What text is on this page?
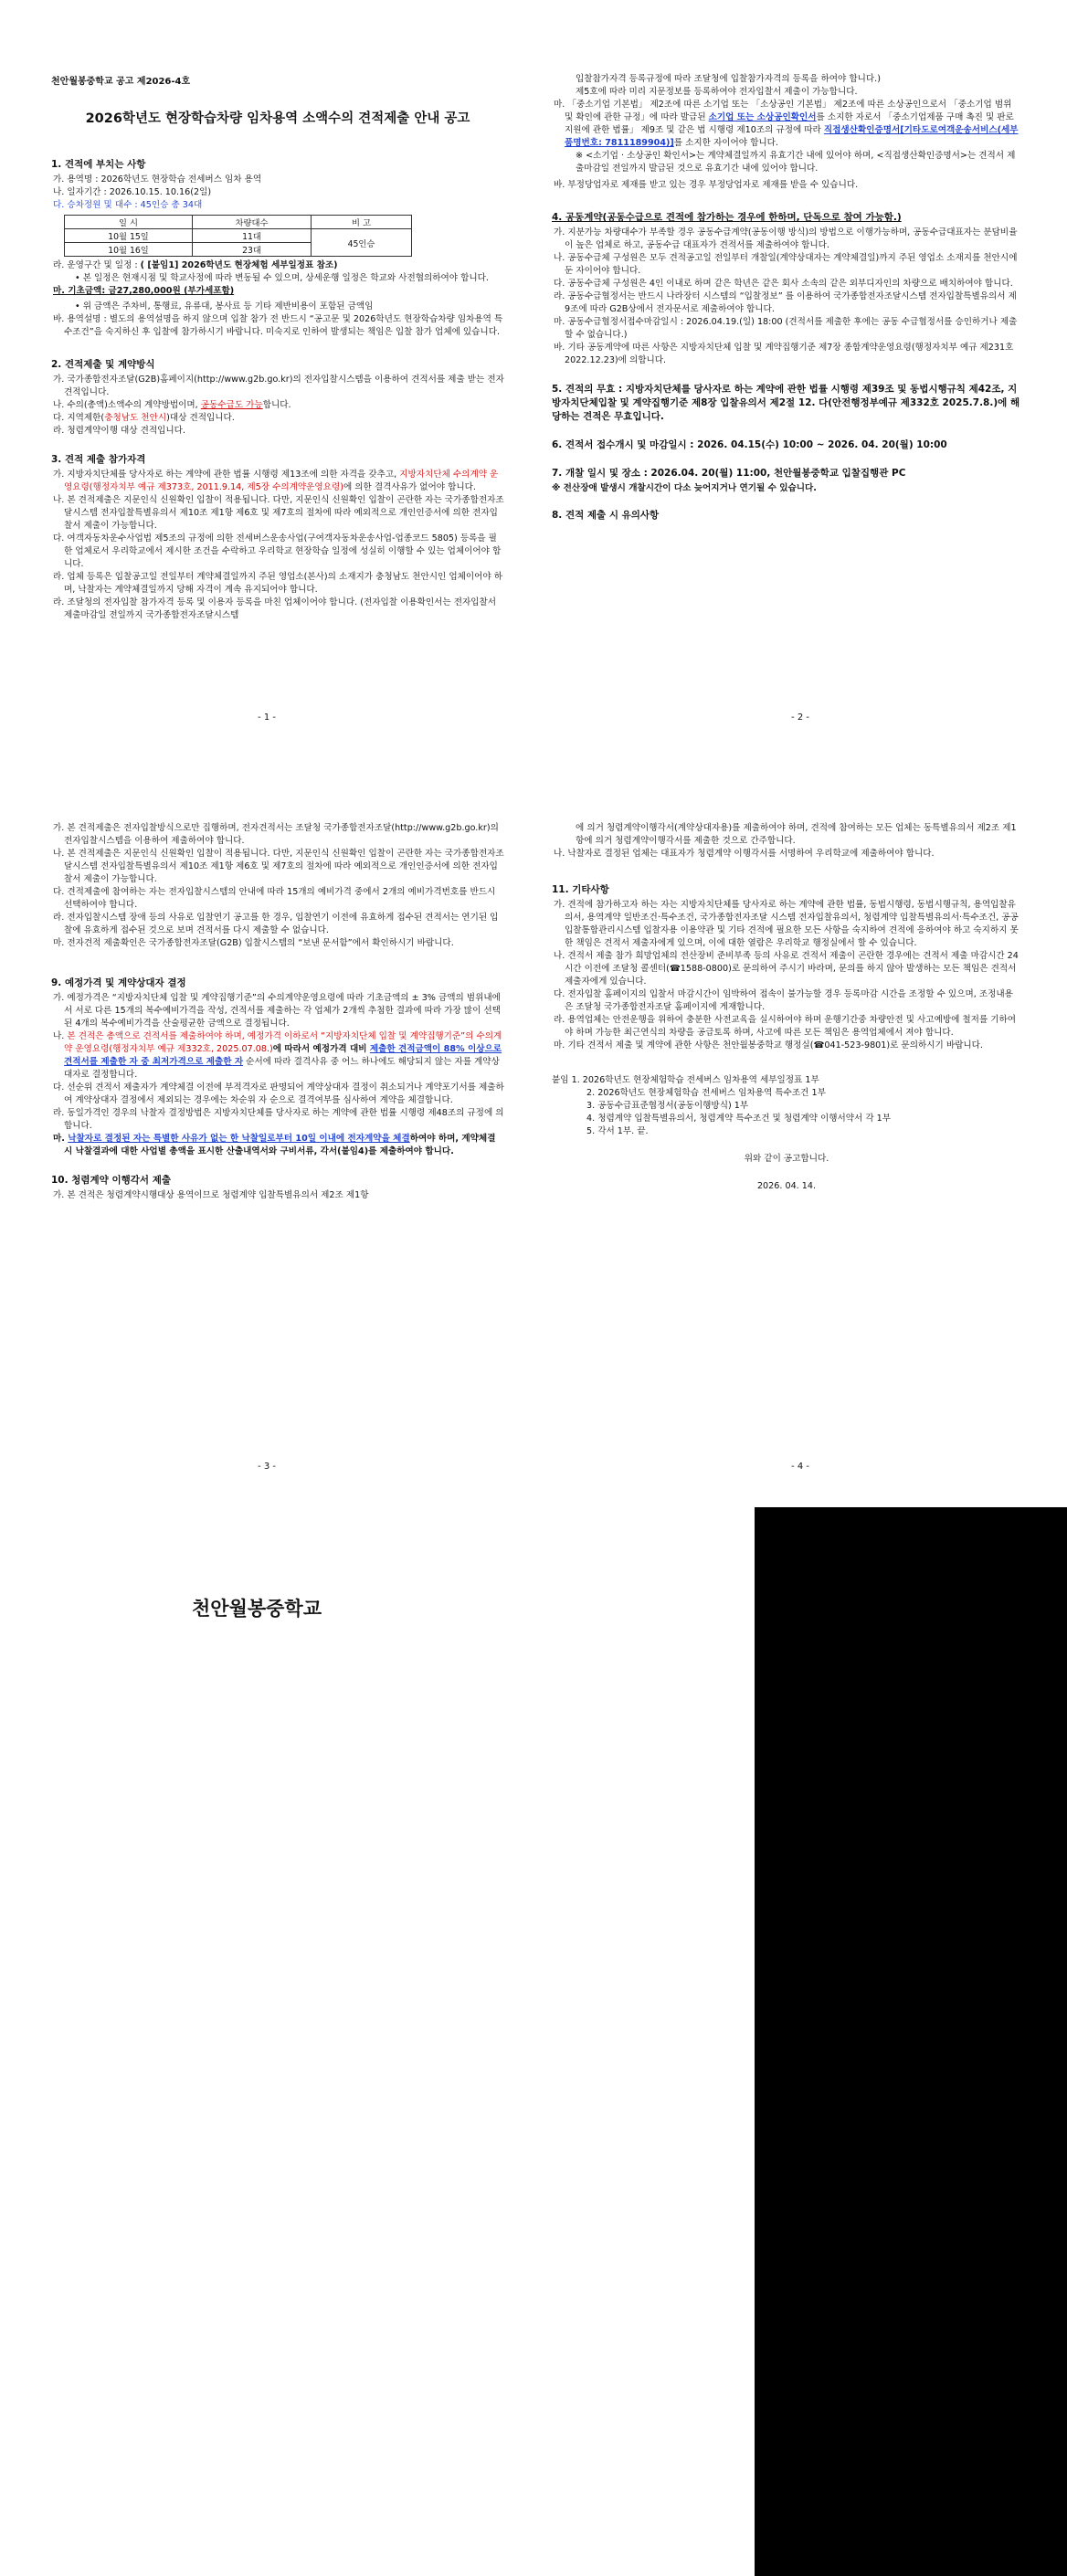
천안월봉중학교 공고 제2026-4호
2026학년도 현장학습차량 임차용역 소액수의 견적제출 안내 공고
1. 견적에 부치는 사항
가. 용역명 : 2026학년도 현장학습 전세버스 임차 용역
나. 일자기간 : 2026.10.15. 10.16(2일)
다. 승차정원 및 대수 : 45인승 총 34대
일 시	차량대수	비 고
10월 15일	11대	45인승
10월 16일	23대	
라. 운영구간 및 일정 : ( [붙임1] 2026학년도 현장체험 세부일정표 참조)
• 본 일정은 현재시점 및 학교사정에 따라 변동될 수 있으며, 상세운행 일정은 학교와 사전협의하여야 합니다.
마. 기초금액: 금27,280,000원 (부가세포함)
• 위 금액은 주차비, 통행료, 유류대, 봉사료 등 기타 제반비용이 포함된 금액임
바. 용역설명 : 별도의 용역설명을 하지 않으며 입찰 참가 전 반드시 “공고문 및 2026학년도 현장학습차량 임차용역 특수조건”을 숙지하신 후 입찰에 참가하시기 바랍니다. 미숙지로 인하여 발생되는 책임은 입찰 참가 업체에 있습니다.
2. 견적제출 및 계약방식
가. 국가종합전자조달(G2B)홈페이지(http://www.g2b.go.kr)의 전자입찰시스템을 이용하여 견적서를 제출 받는 전자견적입니다.
나. 수의(총액)소액수의 계약방법이며, 공동수급도 가능합니다.
다. 지역제한(충청남도 천안시)대상 견적입니다.
라. 청렴계약이행 대상 견적입니다.
3. 견적 제출 참가자격
가. 지방자치단체를 당사자로 하는 계약에 관한 법률 시행령 제13조에 의한 자격을 갖추고, 지방자치단체 수의계약 운영요령(행정자치부 예규 제373호, 2011.9.14, 제5장 수의계약운영요령)에 의한 결격사유가 없어야 합니다.
나. 본 견적제출은 지문인식 신원확인 입찰이 적용됩니다. 다만, 지문인식 신원확인 입찰이 곤란한 자는 국가종합전자조달시스템 전자입찰특별유의서 제10조 제1항 제6호 및 제7호의 절차에 따라 예외적으로 개인인증서에 의한 전자입찰서 제출이 가능합니다.
다. 여객자동차운수사업법 제5조의 규정에 의한 전세버스운송사업(구여객자동차운송사업-업종코드 5805) 등록을 필한 업체로서 우리학교에서 제시한 조건을 수락하고 우리학교 현장학습 일정에 성실히 이행할 수 있는 업체이어야 합니다.
라. 업체 등록은 입찰공고일 전일부터 계약체결일까지 주된 영업소(본사)의 소재지가 충청남도 천안시인 업체이어야 하며, 낙찰자는 계약체결일까지 당해 자격이 계속 유지되어야 합니다.
라. 조달청의 전자입찰 참가자격 등록 및 이용자 등록을 마친 업체이어야 합니다. (전자입찰 이용확인서는 전자입찰서 제출마감일 전일까지 국가종합전자조달시스템
- 1 -
입찰참가자격 등록규정에 따라 조달청에 입찰참가자격의 등록을 하여야 합니다.)
제5호에 따라 미리 지문정보를 등록하여야 전자입찰서 제출이 가능합니다.
마. 「중소기업 기본법」 제2조에 따른 소기업 또는 「소상공인 기본법」 제2조에 따른 소상공인으로서 「중소기업 범위 및 확인에 관한 규정」에 따라 발급된 소기업 또는 소상공인확인서를 소지한 자로서 「중소기업제품 구매 촉진 및 판로지원에 관한 법률」 제9조 및 같은 법 시행령 제10조의 규정에 따라 직접생산확인증명서[기타도로여객운송서비스(세부품명번호: 7811189904)]를 소지한 자이어야 합니다.
※ <소기업 · 소상공인 확인서>는 계약체결일까지 유효기간 내에 있어야 하며, <직접생산확인증명서>는 견적서 제출마감일 전일까지 발급된 것으로 유효기간 내에 있어야 합니다.
바. 부정당업자로 제재를 받고 있는 경우 부정당업자로 제재를 받을 수 있습니다.
4. 공동계약(공동수급으로 견적에 참가하는 경우에 한하며, 단독으로 참여 가능함.)
가. 지분가능 차량대수가 부족할 경우 공동수급계약(공동이행 방식)의 방법으로 이행가능하며, 공동수급대표자는 분담비율이 높은 업체로 하고, 공동수급 대표자가 견적서를 제출하여야 합니다.
나. 공동수급체 구성원은 모두 견적공고일 전일부터 개찰일(계약상대자는 계약체결일)까지 주된 영업소 소재지를 천안시에 둔 자이어야 합니다.
다. 공동수급체 구성원은 4인 이내로 하며 같은 학년은 같은 회사 소속의 같은 외부디자인의 차량으로 배치하여야 합니다.
라. 공동수급협정서는 반드시 나라장터 시스템의 “입찰정보” 를 이용하여 국가종합전자조달시스템 전자입찰특별유의서 제9조에 따라 G2B상에서 전자문서로 제출하여야 합니다.
마. 공동수급협정서접수마감일시 : 2026.04.19.(일) 18:00 (견적서를 제출한 후에는 공동 수급협정서를 승인하거나 제출할 수 없습니다.)
바. 기타 공동계약에 따른 사항은 지방자치단체 입찰 및 계약집행기준 제7장 종합계약운영요령(행정자치부 예규 제231호 2022.12.23)에 의합니다.
5. 견적의 무효 : 지방자치단체를 당사자로 하는 계약에 관한 법률 시행령 제39조 및 동법시행규칙 제42조, 지방자치단체입찰 및 계약집행기준 제8장 입찰유의서 제2절 12. 다(안전행정부예규 제332호 2025.7.8.)에 해당하는 견적은 무효입니다.
6. 견적서 접수개시 및 마감일시 : 2026. 04.15(수) 10:00 ~ 2026. 04. 20(월) 10:00
7. 개찰 일시 및 장소 : 2026.04. 20(월) 11:00, 천안월봉중학교 입찰집행관 PC
※ 전산장애 발생시 개찰시간이 다소 늦어지거나 연기될 수 있습니다.
8. 견적 제출 시 유의사항
- 2 -
가. 본 견적제출은 전자입찰방식으로만 집행하며, 전자견적서는 조달청 국가종합전자조달(http://www.g2b.go.kr)의 전자입찰시스템을 이용하여 제출하여야 합니다.
나. 본 견적제출은 지문인식 신원확인 입찰이 적용됩니다. 다만, 지문인식 신원확인 입찰이 곤란한 자는 국가종합전자조달시스템 전자입찰특별유의서 제10조 제1항 제6호 및 제7호의 절차에 따라 예외적으로 개인인증서에 의한 전자입찰서 제출이 가능합니다.
다. 견적제출에 참여하는 자는 전자입찰시스템의 안내에 따라 15개의 예비가격 중에서 2개의 예비가격번호를 반드시 선택하여야 합니다.
라. 전자입찰시스템 장애 등의 사유로 입찰연기 공고를 한 경우, 입찰연기 이전에 유효하게 접수된 견적서는 연기된 입찰에 유효하게 접수된 것으로 보며 견적서를 다시 제출할 수 없습니다.
마. 전자견적 제출확인은 국가종합전자조달(G2B) 입찰시스템의 “보낸 문서함”에서 확인하시기 바랍니다.
9. 예정가격 및 계약상대자 결정
가. 예정가격은 “지방자치단체 입찰 및 계약집행기준”의 수의계약운영요령에 따라 기초금액의 ± 3% 금액의 범위내에서 서로 다른 15개의 복수예비가격을 작성, 견적서를 제출하는 각 업체가 2개씩 추첨한 결과에 따라 가장 많이 선택된 4개의 복수예비가격을 산술평균한 금액으로 결정됩니다.
나. 본 견적은 총액으로 견적서를 제출하여야 하며, 예정가격 이하로서 “지방자치단체 입찰 및 계약집행기준”의 수의계약 운영요령(행정자치부 예규 제332호, 2025.07.08.)에 따라서 예정가격 대비 제출한 견적금액이 88% 이상으로 견적서를 제출한 자 중 최저가격으로 제출한 자 순서에 따라 결격사유 중 어느 하나에도 해당되지 않는 자를 계약상대자로 결정합니다.
다. 선순위 견적서 제출자가 계약체결 이전에 부적격자로 판명되어 계약상대자 결정이 취소되거나 계약포기서를 제출하여 계약상대자 결정에서 제외되는 경우에는 차순위 자 순으로 결격여부를 심사하여 계약을 체결합니다.
라. 동일가격인 경우의 낙찰자 결정방법은 지방자치단체를 당사자로 하는 계약에 관한 법률 시행령 제48조의 규정에 의합니다.
마. 낙찰자로 결정된 자는 특별한 사유가 없는 한 낙찰일로부터 10일 이내에 전자계약을 체결하여야 하며, 계약체결 시 낙찰결과에 대한 사업별 총액을 표시한 산출내역서와 구비서류, 각서(붙임4)를 제출하여야 합니다.
10. 청렴계약 이행각서 제출
가. 본 견적은 청렴계약시행대상 용역이므로 청렴계약 입찰특별유의서 제2조 제1항
- 3 -
에 의거 청렴계약이행각서(계약상대자용)를 제출하여야 하며, 견적에 참여하는 모든 업체는 동특별유의서 제2조 제1항에 의거 청렴계약이행각서를 제출한 것으로 간주합니다.
나. 낙찰자로 결정된 업체는 대표자가 청렴계약 이행각서를 서명하여 우리학교에 제출하여야 합니다.
11. 기타사항
가. 견적에 참가하고자 하는 자는 지방자치단체를 당사자로 하는 계약에 관한 법률, 동법시행령, 동법시행규칙, 용역입찰유의서, 용역계약 일반조건·특수조건, 국가종합전자조달 시스템 전자입찰유의서, 청렴계약 입찰특별유의서·특수조건, 공공입찰통합관리시스템 입찰자용 이용약관 및 기타 견적에 필요한 모든 사항을 숙지하여 견적에 응하여야 하고 숙지하지 못한 책임은 견적서 제출자에게 있으며, 이에 대한 열람은 우리학교 행정실에서 할 수 있습니다.
나. 견적서 제출 참가 희망업체의 전산장비 준비부족 등의 사유로 견적서 제출이 곤란한 경우에는 견적서 제출 마감시간 24시간 이전에 조달청 콜센터(☎1588-0800)로 문의하여 주시기 바라며, 문의를 하지 않아 발생하는 모든 책임은 견적서 제출자에게 있습니다.
다. 전자입찰 홈페이지의 입찰서 마감시간이 임박하여 접속이 불가능할 경우 등록마감 시간을 조정할 수 있으며, 조정내용은 조달청 국가종합전자조달 홈페이지에 게재합니다.
라. 용역업체는 안전운행을 위하여 충분한 사전교육을 실시하여야 하며 운행기간중 차량안전 및 사고예방에 철저를 기하여야 하며 가능한 최근연식의 차량을 공급토록 하며, 사고에 따른 모든 책임은 용역업체에서 져야 합니다.
마. 기타 견적서 제출 및 계약에 관한 사항은 천안월봉중학교 행정실(☎041-523-9801)로 문의하시기 바랍니다.
붙임 1. 2026학년도 현장체험학습 전세버스 임차용역 세부일정표 1부
2. 2026학년도 현장체험학습 전세버스 임차용역 특수조건 1부
3. 공동수급표준협정서(공동이행방식) 1부
4. 청렴계약 입찰특별유의서, 청렴계약 특수조건 및 청렴계약 이행서약서 각 1부
5. 각서 1부. 끝.
위와 같이 공고합니다.
2026. 04. 14.
- 4 -
천안월봉중학교
